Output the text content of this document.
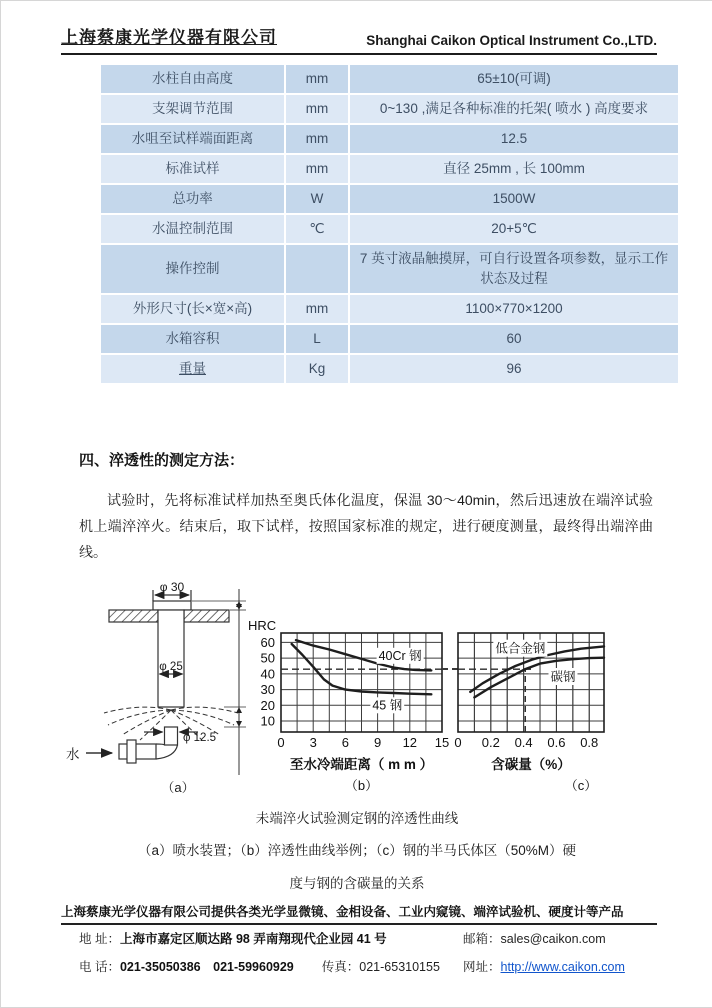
上海蔡康光学仪器有限公司	Shanghai Caikon Optical Instrument Co.,LTD.
水柱自由高度	mm	65±10(可调)
支架调节范围	mm	0~130 ,满足各种标准的托架( 喷水 ) 高度要求
水咀至试样端面距离	mm	12.5
标准试样	mm	直径 25mm , 长 100mm
总功率	W	1500W
水温控制范围	℃	20+5℃
操作控制		7 英寸液晶触摸屏，可自行设置各项参数，显示工作状态及过程
外形尺寸(长×宽×高)	mm	1100×770×1200
水箱容积	L	60
重量	Kg	96
四、淬透性的测定方法：
试验时，先将标准试样加热至奥氏体化温度，保温 30～40min，然后迅速放在端淬试验机上端淬淬火。结束后，取下试样，按照国家标准的规定，进行硬度测量，最终得出端淬曲线。
φ 30
φ 25
φ 12.5
水
（a）
40Cr 钢
45 钢
10
20
30
40
50
60
HRC
0 3 6 9 12 15
至水冷端距离（ m m ）
（b）
低合金钢
碳钢
0 0.2 0.4 0.6 0.8
含碳量（%）
（c）
未端淬火试验测定钢的淬透性曲线
（a）喷水装置；（b）淬透性曲线举例；（c）钢的半马氏体区（50%M）硬
度与钢的含碳量的关系
上海蔡康光学仪器有限公司提供各类光学显微镜、金相设备、工业内窥镜、端淬试验机、硬度计等产品
地 址：上海市嘉定区顺达路 98 弄南翔现代企业园 41 号	邮箱：sales@caikon.com
电 话：021-35050386　021-59960929 传真：021-65310155 网址：http://www.caikon.com
